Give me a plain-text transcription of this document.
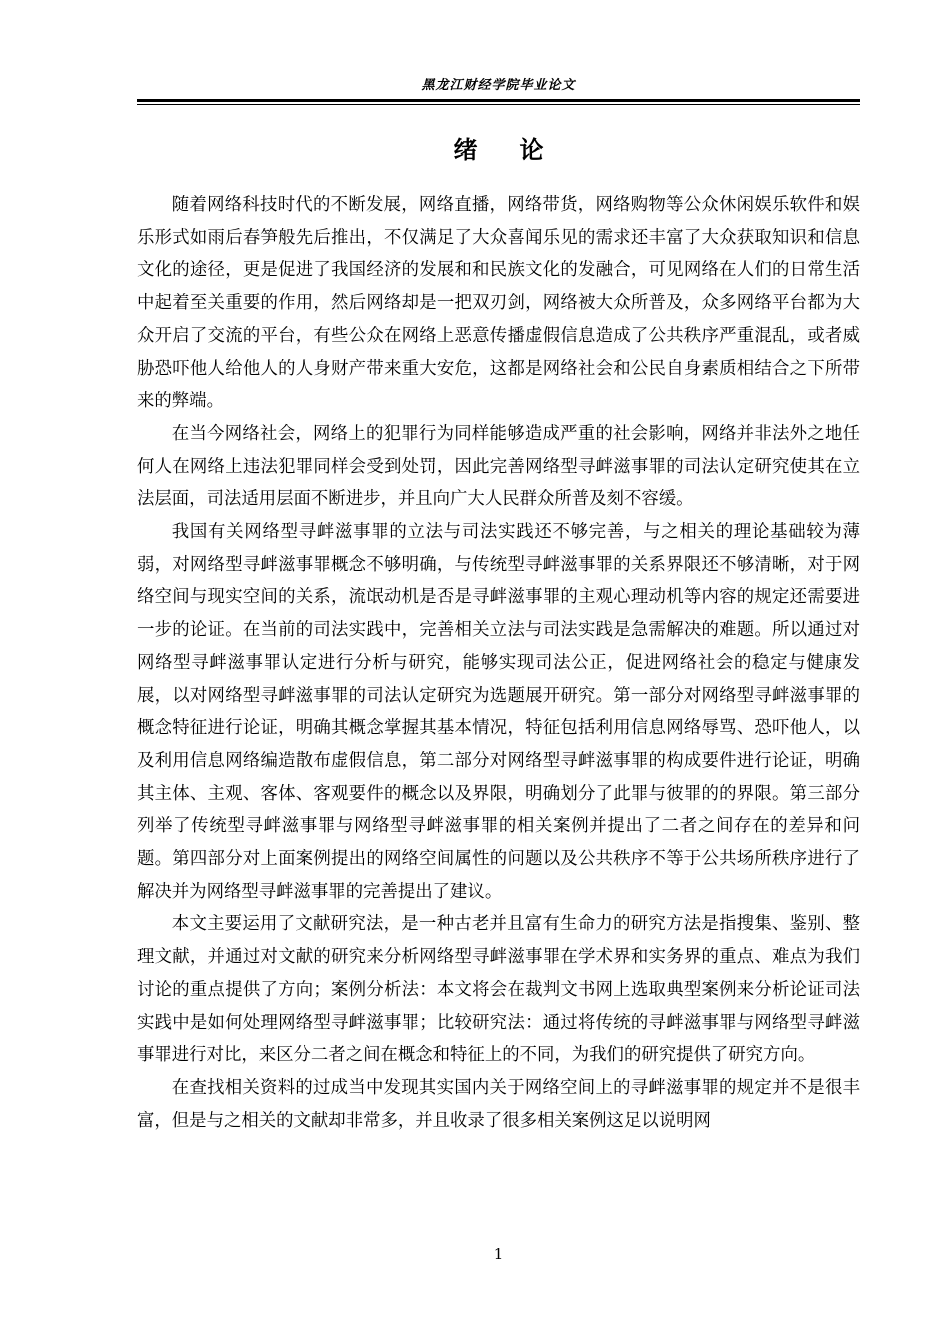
黑龙江财经学院毕业论文
绪 论

随着网络科技时代的不断发展，网络直播，网络带货，网络购物等公众休闲娱乐软件和娱乐形式如雨后春笋般先后推出，不仅满足了大众喜闻乐见的需求还丰富了大众获取知识和信息文化的途径，更是促进了我国经济的发展和和民族文化的发融合，可见网络在人们的日常生活中起着至关重要的作用，然后网络却是一把双刃剑，网络被大众所普及，众多网络平台都为大众开启了交流的平台，有些公众在网络上恶意传播虚假信息造成了公共秩序严重混乱，或者威胁恐吓他人给他人的人身财产带来重大安危，这都是网络社会和公民自身素质相结合之下所带来的弊端。

在当今网络社会，网络上的犯罪行为同样能够造成严重的社会影响，网络并非法外之地任何人在网络上违法犯罪同样会受到处罚，因此完善网络型寻衅滋事罪的司法认定研究使其在立法层面，司法适用层面不断进步，并且向广大人民群众所普及刻不容缓。

我国有关网络型寻衅滋事罪的立法与司法实践还不够完善，与之相关的理论基础较为薄弱，对网络型寻衅滋事罪概念不够明确，与传统型寻衅滋事罪的关系界限还不够清晰，对于网络空间与现实空间的关系，流氓动机是否是寻衅滋事罪的主观心理动机等内容的规定还需要进一步的论证。在当前的司法实践中，完善相关立法与司法实践是急需解决的难题。所以通过对网络型寻衅滋事罪认定进行分析与研究，能够实现司法公正，促进网络社会的稳定与健康发展，以对网络型寻衅滋事罪的司法认定研究为选题展开研究。第一部分对网络型寻衅滋事罪的概念特征进行论证，明确其概念掌握其基本情况，特征包括利用信息网络辱骂、恐吓他人，以及利用信息网络编造散布虚假信息，第二部分对网络型寻衅滋事罪的构成要件进行论证，明确其主体、主观、客体、客观要件的概念以及界限，明确划分了此罪与彼罪的的界限。第三部分列举了传统型寻衅滋事罪与网络型寻衅滋事罪的相关案例并提出了二者之间存在的差异和问题。第四部分对上面案例提出的网络空间属性的问题以及公共秩序不等于公共场所秩序进行了解决并为网络型寻衅滋事罪的完善提出了建议。

本文主要运用了文献研究法，是一种古老并且富有生命力的研究方法是指搜集、鉴别、整理文献，并通过对文献的研究来分析网络型寻衅滋事罪在学术界和实务界的重点、难点为我们讨论的重点提供了方向；案例分析法：本文将会在裁判文书网上选取典型案例来分析论证司法实践中是如何处理网络型寻衅滋事罪；比较研究法：通过将传统的寻衅滋事罪与网络型寻衅滋事罪进行对比，来区分二者之间在概念和特征上的不同，为我们的研究提供了研究方向。

在查找相关资料的过成当中发现其实国内关于网络空间上的寻衅滋事罪的规定并不是很丰富，但是与之相关的文献却非常多，并且收录了很多相关案例这足以说明网

1
